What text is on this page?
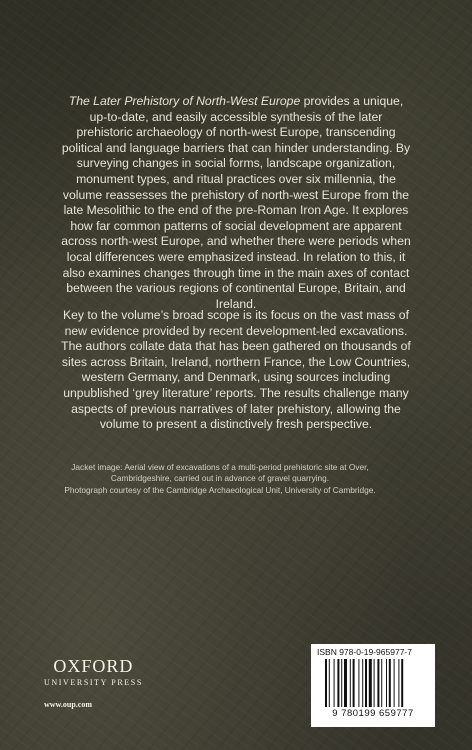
The Later Prehistory of North-West Europe provides a unique, up-to-date, and easily accessible synthesis of the later prehistoric archaeology of north-west Europe, transcending political and language barriers that can hinder understanding. By surveying changes in social forms, landscape organization, monument types, and ritual practices over six millennia, the volume reassesses the prehistory of north-west Europe from the late Mesolithic to the end of the pre-Roman Iron Age. It explores how far common patterns of social development are apparent across north-west Europe, and whether there were periods when local differences were emphasized instead. In relation to this, it also examines changes through time in the main axes of contact between the various regions of continental Europe, Britain, and Ireland.
Key to the volume’s broad scope is its focus on the vast mass of new evidence provided by recent development-led excavations. The authors collate data that has been gathered on thousands of sites across Britain, Ireland, northern France, the Low Countries, western Germany, and Denmark, using sources including unpublished ‘grey literature’ reports. The results challenge many aspects of previous narratives of later prehistory, allowing the volume to present a distinctively fresh perspective.
Jacket image: Aerial view of excavations of a multi-period prehistoric site at Over, Cambridgeshire, carried out in advance of gravel quarrying.
Photograph courtesy of the Cambridge Archaeological Unit, University of Cambridge.
OXFORD
UNIVERSITY PRESS
www.oup.com
ISBN 978-0-19-965977-7
9 780199 659777
